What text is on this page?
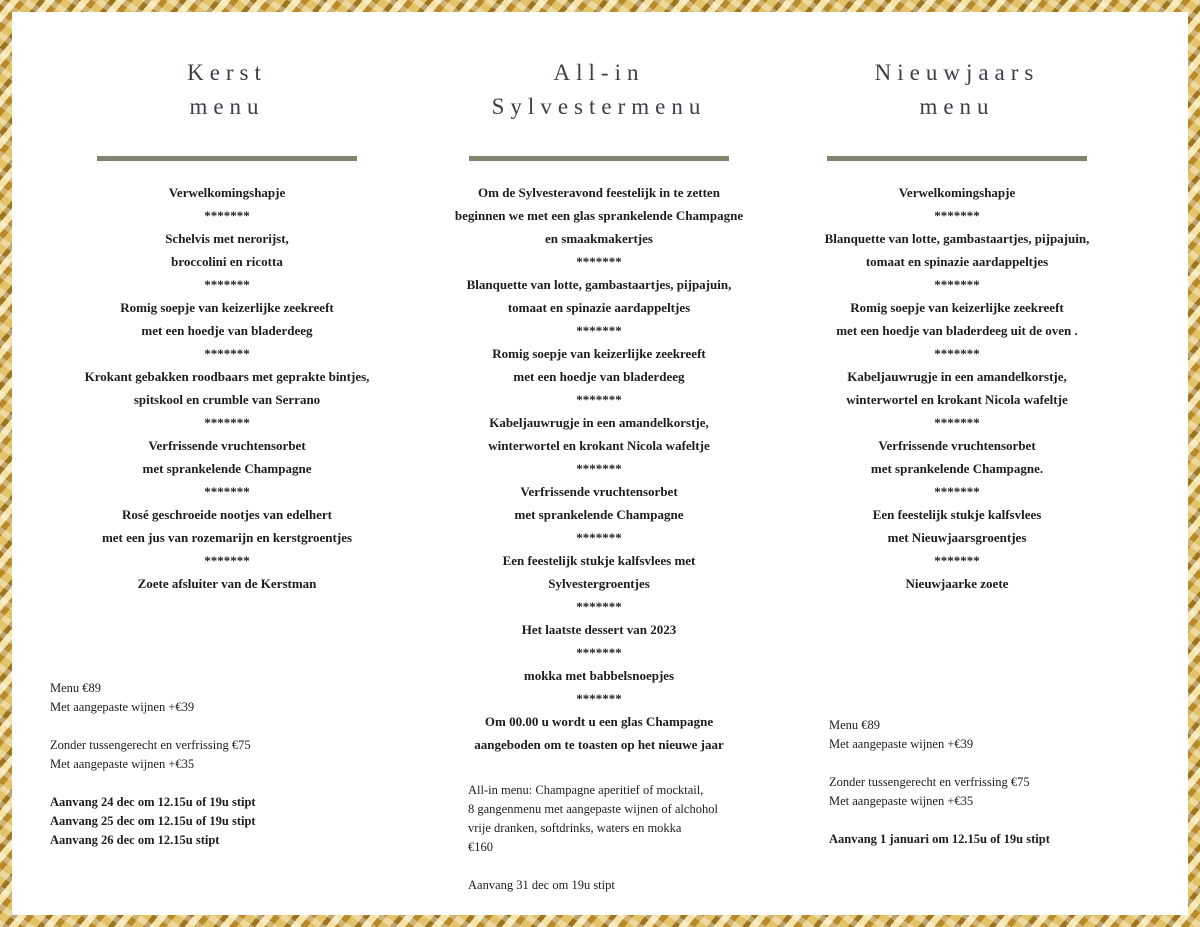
Kerst
menu
Verwelkomingshapje
*******
Schelvis met nerorijst,
broccolini en ricotta
*******
Romig soepje van keizerlijke zeekreeft
met een hoedje van bladerdeeg
*******
Krokant gebakken roodbaars met geprakte bintjes,
spitskool en crumble van Serrano
*******
Verfrissende vruchtensorbet
met sprankelende Champagne
*******
Rosé geschroeide nootjes van edelhert
met een jus van rozemarijn en kerstgroentjes
*******
Zoete afsluiter van de Kerstman
Menu €89
Met aangepaste wijnen +€39
Zonder tussengerecht en verfrissing €75
Met aangepaste wijnen +€35
Aanvang 24 dec om 12.15u of 19u stipt
Aanvang 25 dec om 12.15u of 19u stipt
Aanvang 26 dec om 12.15u stipt
All-in
Sylvestermenu
Om de Sylvesteravond feestelijk in te zetten
beginnen we met een glas sprankelende Champagne
en smaakmakertjes
*******
Blanquette van lotte, gambastaartjes, pijpajuin,
tomaat en spinazie aardappeltjes
*******
Romig soepje van keizerlijke zeekreeft
met een hoedje van bladerdeeg
*******
Kabeljauwrugje in een amandelkorstje,
winterwortel en krokant Nicola wafeltje
*******
Verfrissende vruchtensorbet
met sprankelende Champagne
*******
Een feestelijk stukje kalfsvlees met
Sylvestergroentjes
*******
Het laatste dessert van 2023
*******
mokka met babbelsnoepjes
*******
Om 00.00 u wordt u een glas Champagne
aangeboden om te toasten op het nieuwe jaar
All-in menu: Champagne aperitief of mocktail,
8 gangenmenu met aangepaste wijnen of alchohol
vrije dranken, softdrinks, waters en mokka
€160
Aanvang 31 dec om 19u stipt
Nieuwjaars
menu
Verwelkomingshapje
*******
Blanquette van lotte, gambastaartjes, pijpajuin,
tomaat en spinazie aardappeltjes
*******
Romig soepje van keizerlijke zeekreeft
met een hoedje van bladerdeeg uit de oven .
*******
Kabeljauwrugje in een amandelkorstje,
winterwortel en krokant Nicola wafeltje
*******
Verfrissende vruchtensorbet
met sprankelende Champagne.
*******
Een feestelijk stukje kalfsvlees
met Nieuwjaarsgroentjes
*******
Nieuwjaarke zoete
Menu €89
Met aangepaste wijnen +€39
Zonder tussengerecht en verfrissing €75
Met aangepaste wijnen +€35
Aanvang 1 januari om 12.15u of 19u stipt
